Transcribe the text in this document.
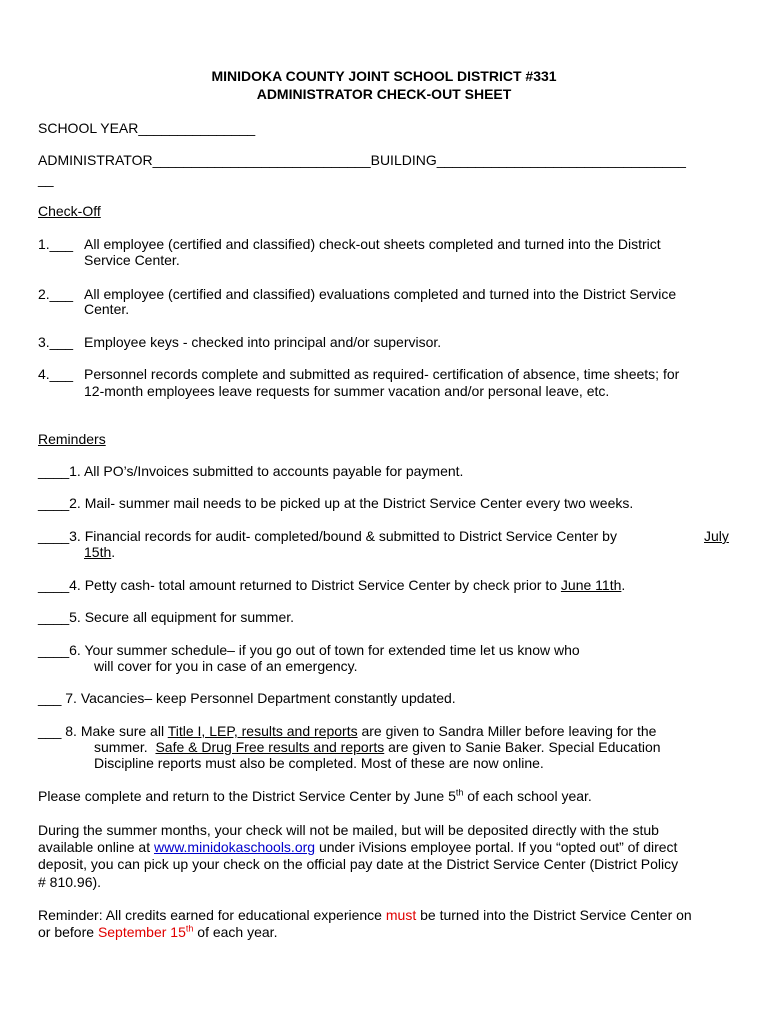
MINIDOKA COUNTY JOINT SCHOOL DISTRICT #331
ADMINISTRATOR CHECK-OUT SHEET
SCHOOL YEAR_______________
ADMINISTRATOR____________________________BUILDING________________________________
__
Check-Off
1.___ All employee (certified and classified) check-out sheets completed and turned into the District
Service Center.
2.___ All employee (certified and classified) evaluations completed and turned into the District Service
Center.
3.___ Employee keys - checked into principal and/or supervisor.
4.___ Personnel records complete and submitted as required- certification of absence, time sheets; for
12-month employees leave requests for summer vacation and/or personal leave, etc.
Reminders
____1. All PO’s/Invoices submitted to accounts payable for payment.
____2. Mail- summer mail needs to be picked up at the District Service Center every two weeks.
____3. Financial records for audit- completed/bound & submitted to District Service Center by	July
15th.
____4. Petty cash- total amount returned to District Service Center by check prior to June 11th.
____5. Secure all equipment for summer.
____6. Your summer schedule– if you go out of town for extended time let us know who
will cover for you in case of an emergency.
___ 7. Vacancies– keep Personnel Department constantly updated.
___ 8. Make sure all Title I, LEP, results and reports are given to Sandra Miller before leaving for the
summer. Safe & Drug Free results and reports are given to Sanie Baker. Special Education
Discipline reports must also be completed. Most of these are now online.
Please complete and return to the District Service Center by June 5th of each school year.
During the summer months, your check will not be mailed, but will be deposited directly with the stub
available online at www.minidokaschools.org under iVisions employee portal. If you “opted out” of direct
deposit, you can pick up your check on the official pay date at the District Service Center (District Policy
# 810.96).
Reminder: All credits earned for educational experience must be turned into the District Service Center on
or before September 15th of each year.
